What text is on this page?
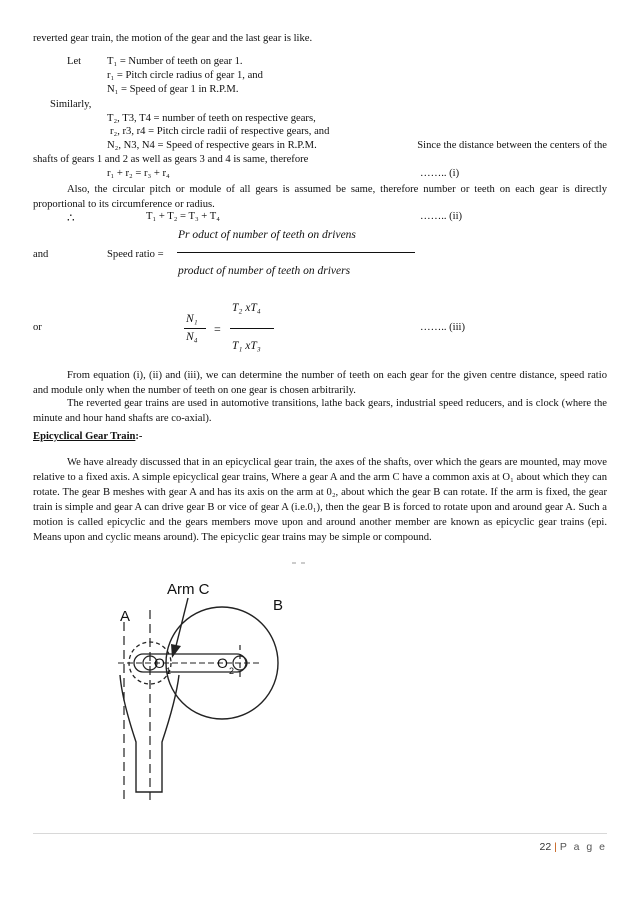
reverted gear train, the motion of the gear and the last gear is like.
Let T₁ = Number of teeth on gear 1.
r₁ = Pitch circle radius of gear 1, and
N₁ = Speed of gear 1 in R.P.M.
Similarly,
T₂, T3, T4 = number of teeth on respective gears,
r₂, r3, r4 = Pitch circle radii of respective gears, and
N₂, N3, N4 = Speed of respective gears in R.P.M.	Since the distance between the centers of the
shafts of gears 1 and 2 as well as gears 3 and 4 is same, therefore
r₁ + r₂ = r₃ + r₄	…….. (i)
Also, the circular pitch or module of all gears is assumed be same, therefore number or teeth on each gear is directly proportional to its circumference or radius.
∴	T₁ + T₂ = T₃ + T₄	…….. (ii)
Pr oduct of number of teeth on drivens
and	Speed ratio =
product of number of teeth on drivers
T₂ xT₄
N₁
or	=	…….. (iii)
N₄
T₁ xT₃
From equation (i), (ii) and (iii), we can determine the number of teeth on each gear for the given centre distance, speed ratio and module only when the number of teeth on one gear is chosen arbitrarily.
The reverted gear trains are used in automotive transitions, lathe back gears, industrial speed reducers, and is clock (where the minute and hour hand shafts are co-axial).
Epicyclical Gear Train:-
We have already discussed that in an epicyclical gear train, the axes of the shafts, over which the gears are mounted, may move relative to a fixed axis. A simple epicyclical gear trains, Where a gear A and the arm C have a common axis at O₁ about which they can rotate. The gear B meshes with gear A and has its axis on the arm at 0₂, about which the gear B can rotate. If the arm is fixed, the gear train is simple and gear A can drive gear B or vice of gear A (i.e.0₁), then the gear B is forced to rotate upon and around gear A. Such a motion is called epicyclic and the gears members move upon and around another member are known as epicyclic gear trains (epi. Means upon and cyclic means around). The epicyclic gear trains may be simple or compound.
Arm C
B
A
O 1	O 2
22 | P a g e
